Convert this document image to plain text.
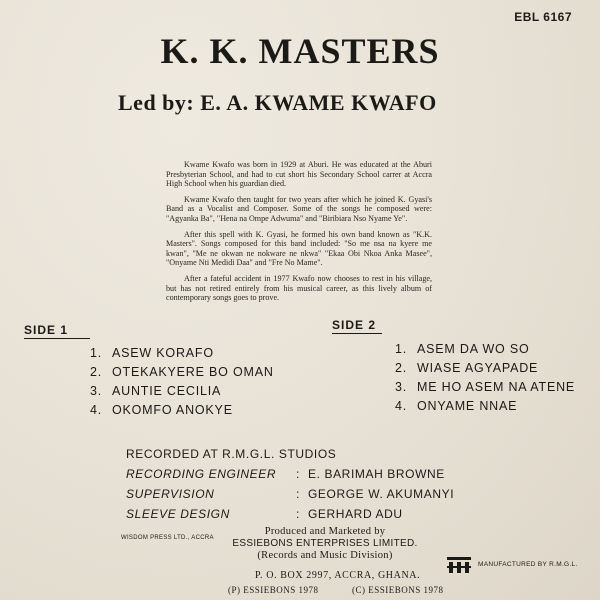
EBL 6167
K. K. MASTERS
Led by: E. A. KWAME KWAFO

Kwame Kwafo was born in 1929 at Aburi. He was educated at the Aburi Presbyterian School, and had to cut short his Secondary School carrer at Accra High School when his guardian died.

Kwame Kwafo then taught for two years after which he joined K. Gyasi's Band as a Vocalist and Composer. Some of the songs he composed were: "Agyanka Ba", "Hena na Ompe Adwuma" and "Biribiara Nso Nyame Ye".

After this spell with K. Gyasi, he formed his own band known as "K.K. Masters". Songs composed for this band included: "So me nsa na kyere me kwan", "Me ne okwan ne nokware ne nkwa" "Ekaa Obi Nkoa Anka Masee", "Onyame Nti Medidi Daa" and "Fre No Mame".

After a fateful accident in 1977 Kwafo now chooses to rest in his village, but has not retired entirely from his musical career, as this lively album of contemporary songs goes to prove.

SIDE 1
1. ASEW KORAFO
2. OTEKAKYERE BO OMAN
3. AUNTIE CECILIA
4. OKOMFO ANOKYE
SIDE 2
1. ASEM DA WO SO
2. WIASE AGYAPADE
3. ME HO ASEM NA ATENE
4. ONYAME NNAE
RECORDED AT R.M.G.L. STUDIOS
RECORDING ENGINEER	: E. BARIMAH BROWNE
SUPERVISION	: GEORGE W. AKUMANYI
SLEEVE DESIGN	: GERHARD ADU
WISDOM PRESS LTD., ACCRA
Produced and Marketed by
ESSIEBONS ENTERPRISES LIMITED.
(Records and Music Division)
P. O. BOX 2997, ACCRA, GHANA.
(P) ESSIEBONS 1978	(C) ESSIEBONS 1978
MANUFACTURED BY R.M.G.L.
